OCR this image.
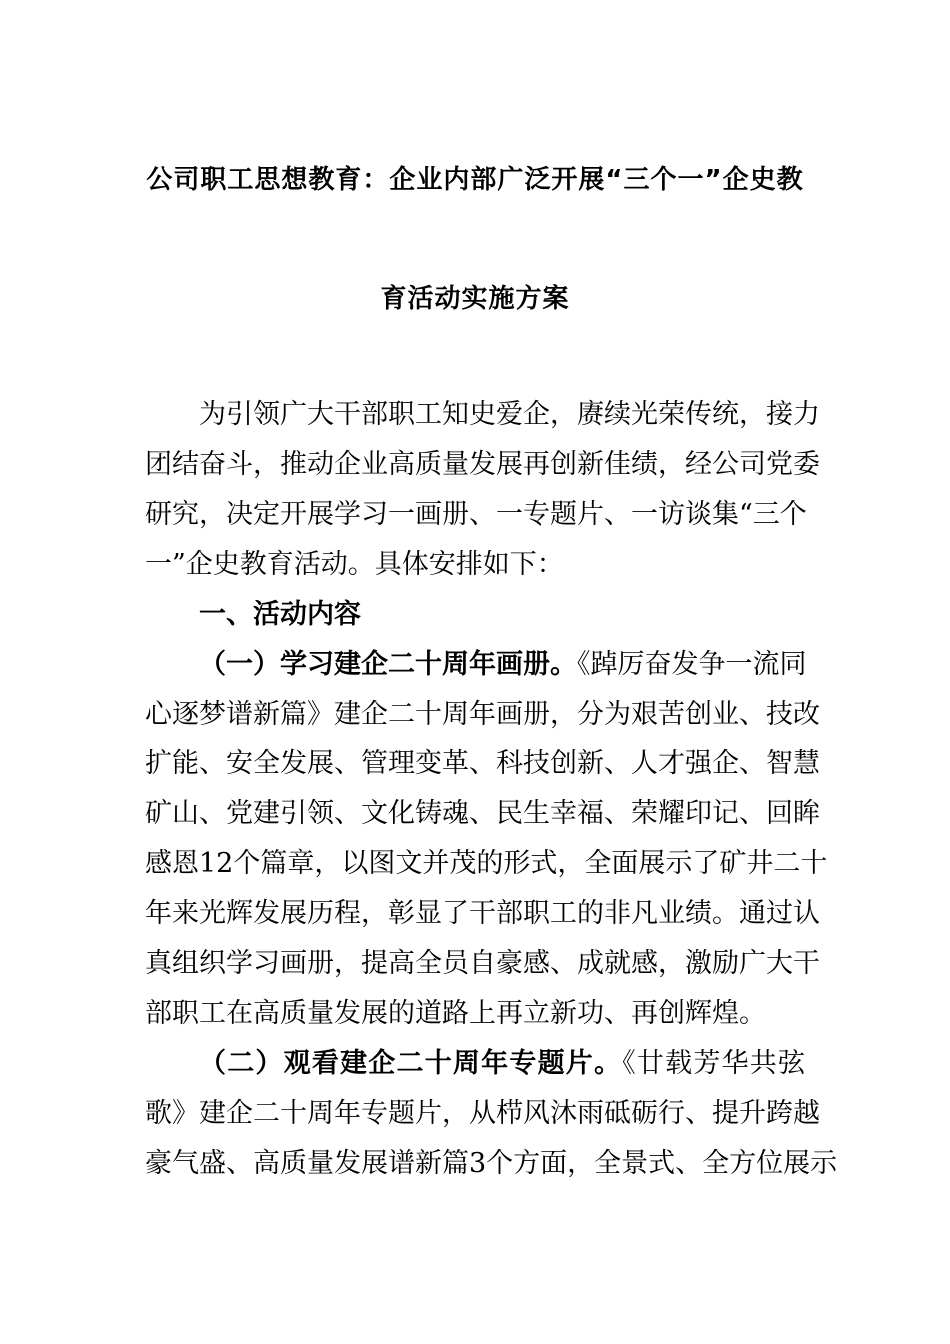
公司职工思想教育：企业内部广泛开展“三个一”企史教
育活动实施方案
为引领广大干部职工知史爱企，赓续光荣传统，接力
团结奋斗，推动企业高质量发展再创新佳绩，经公司党委
研究，决定开展学习一画册、一专题片、一访谈集“三个
一”企史教育活动。具体安排如下：
一、活动内容
（一）学习建企二十周年画册。《踔厉奋发争一流同
心逐梦谱新篇》建企二十周年画册，分为艰苦创业、技改
扩能、安全发展、管理变革、科技创新、人才强企、智慧
矿山、党建引领、文化铸魂、民生幸福、荣耀印记、回眸
感恩12个篇章，以图文并茂的形式，全面展示了矿井二十
年来光辉发展历程，彰显了干部职工的非凡业绩。通过认
真组织学习画册，提高全员自豪感、成就感，激励广大干
部职工在高质量发展的道路上再立新功、再创辉煌。
（二）观看建企二十周年专题片。《廿载芳华共弦
歌》建企二十周年专题片，从栉风沐雨砥砺行、提升跨越
豪气盛、高质量发展谱新篇3个方面，全景式、全方位展示
